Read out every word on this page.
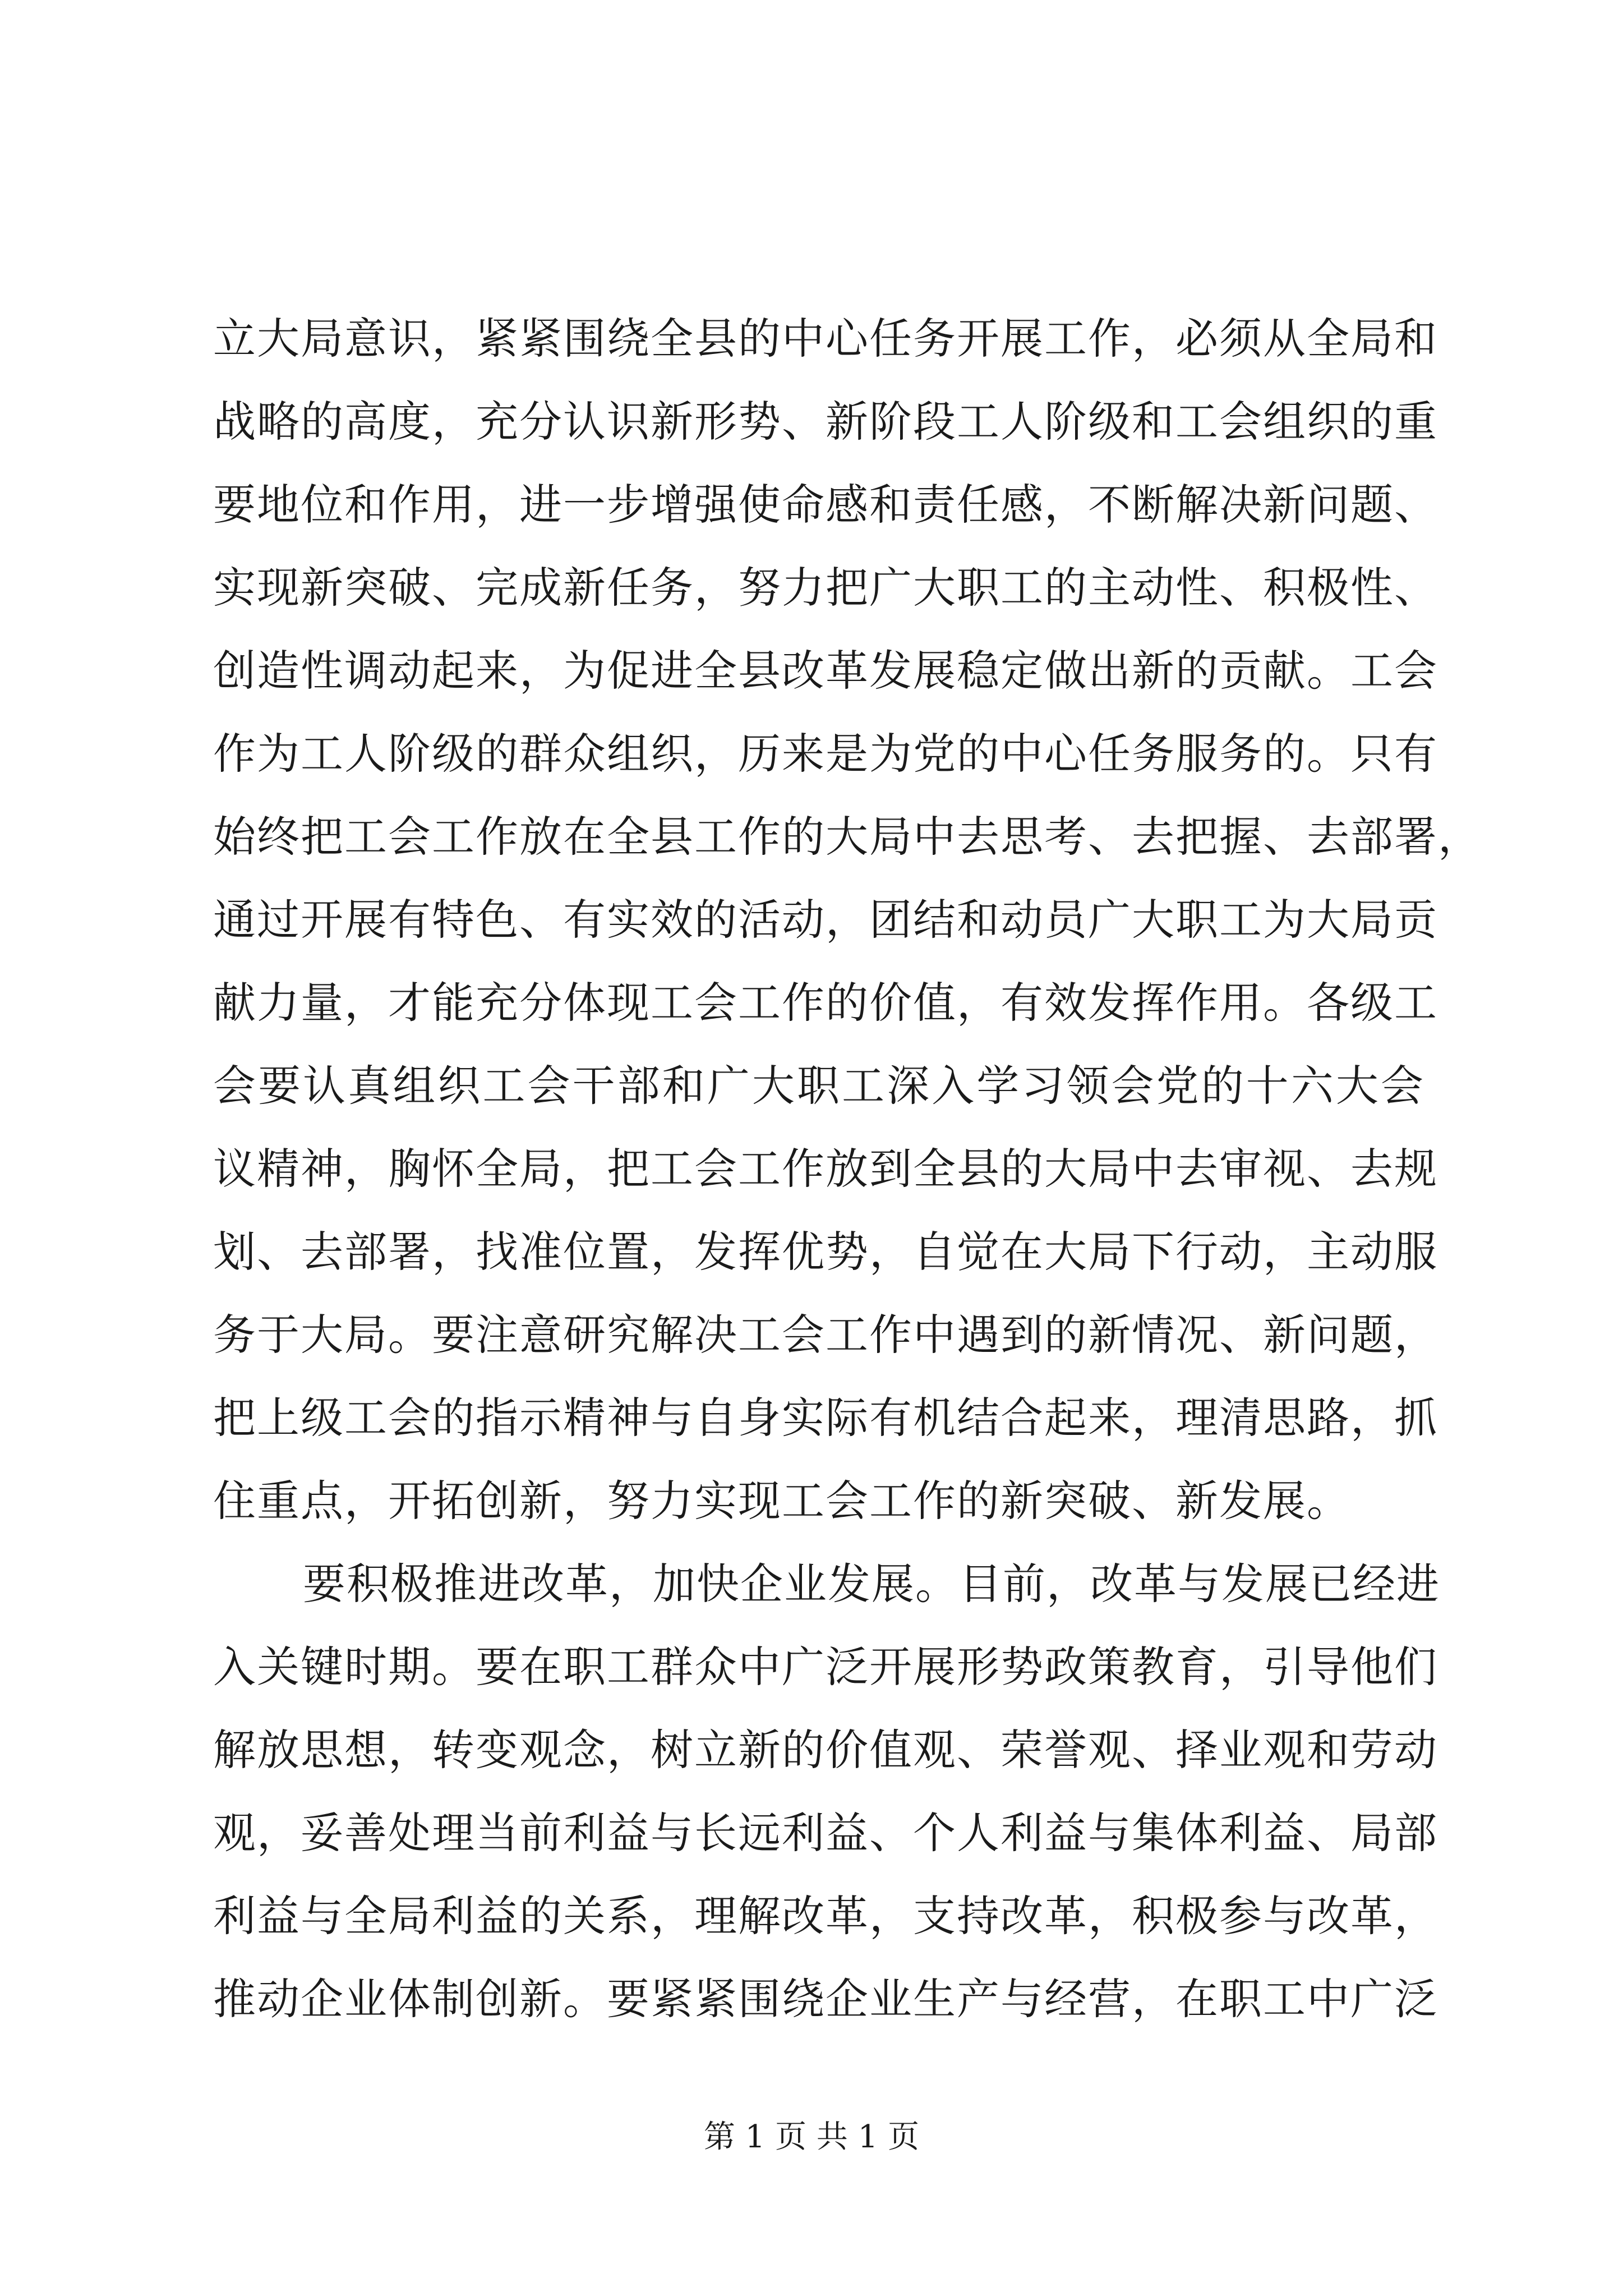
立大局意识，紧紧围绕全县的中心任务开展工作，必须从全局和
战略的高度，充分认识新形势、新阶段工人阶级和工会组织的重
要地位和作用，进一步增强使命感和责任感，不断解决新问题、
实现新突破、完成新任务，努力把广大职工的主动性、积极性、
创造性调动起来，为促进全县改革发展稳定做出新的贡献。工会
作为工人阶级的群众组织，历来是为党的中心任务服务的。只有
始终把工会工作放在全县工作的大局中去思考、去把握、去部署，
通过开展有特色、有实效的活动，团结和动员广大职工为大局贡
献力量，才能充分体现工会工作的价值，有效发挥作用。各级工
会要认真组织工会干部和广大职工深入学习领会党的十六大会
议精神，胸怀全局，把工会工作放到全县的大局中去审视、去规
划、去部署，找准位置，发挥优势，自觉在大局下行动，主动服
务于大局。要注意研究解决工会工作中遇到的新情况、新问题，
把上级工会的指示精神与自身实际有机结合起来，理清思路，抓
住重点，开拓创新，努力实现工会工作的新突破、新发展。
要积极推进改革，加快企业发展。目前，改革与发展已经进
入关键时期。要在职工群众中广泛开展形势政策教育，引导他们
解放思想，转变观念，树立新的价值观、荣誉观、择业观和劳动
观，妥善处理当前利益与长远利益、个人利益与集体利益、局部
利益与全局利益的关系，理解改革，支持改革，积极参与改革，
推动企业体制创新。要紧紧围绕企业生产与经营，在职工中广泛
第 1 页 共 1 页
